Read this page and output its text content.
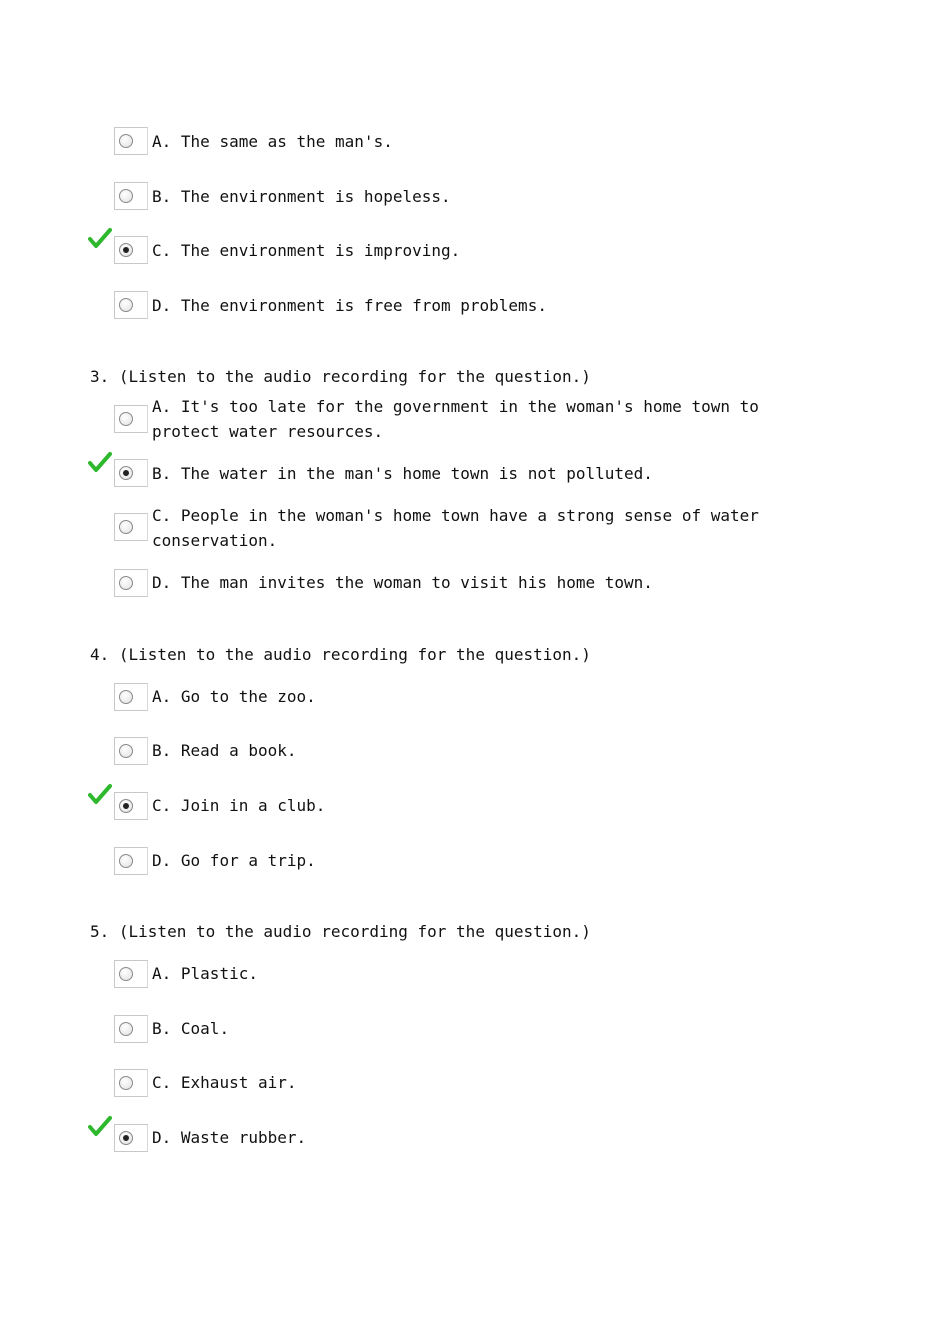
A. The same as the man's.
B. The environment is hopeless.
C. The environment is improving.
D. The environment is free from problems.
3. (Listen to the audio recording for the question.)
A. It's too late for the government in the woman's home town to protect water resources.
B. The water in the man's home town is not polluted.
C. People in the woman's home town have a strong sense of water conservation.
D. The man invites the woman to visit his home town.
4. (Listen to the audio recording for the question.)
A. Go to the zoo.
B. Read a book.
C. Join in a club.
D. Go for a trip.
5. (Listen to the audio recording for the question.)
A. Plastic.
B. Coal.
C. Exhaust air.
D. Waste rubber.
